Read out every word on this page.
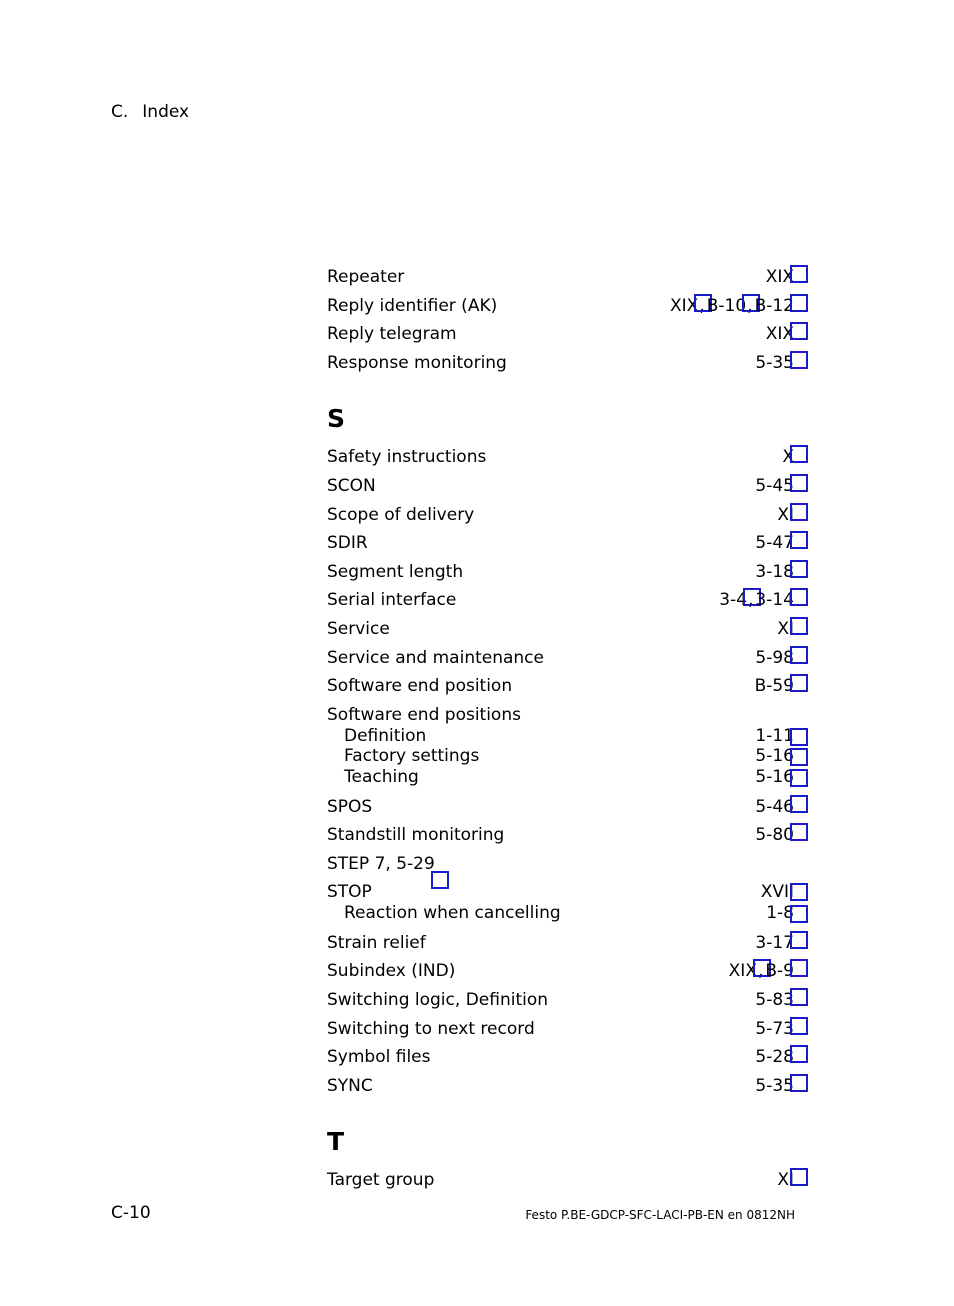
C. Index
Repeater	XIX
Reply identifier (AK)	XIX , B-10 , B-12
Reply telegram	XIX
Response monitoring	5-35
S
Safety instructions	X
SCON	5-45
Scope of delivery	XI
SDIR	5-47
Segment length	3-18
Serial interface	3-4 , 3-14
Service	XI
Service and maintenance	5-98
Software end position	B-59
Software end positions
Definition	1-11
Factory settings	5-16
Teaching	5-16
SPOS	5-46
Standstill monitoring	5-80
STEP 7, 5-29
STOP	XVII
Reaction when cancelling	1-8
Strain relief	3-17
Subindex (IND)	XIX , B-9
Switching logic, Definition	5-83
Switching to next record	5-73
Symbol files	5-28
SYNC	5-35
T
Target group	XI
C-10	Festo P.BE-GDCP-SFC-LACI-PB-EN en 0812NH
